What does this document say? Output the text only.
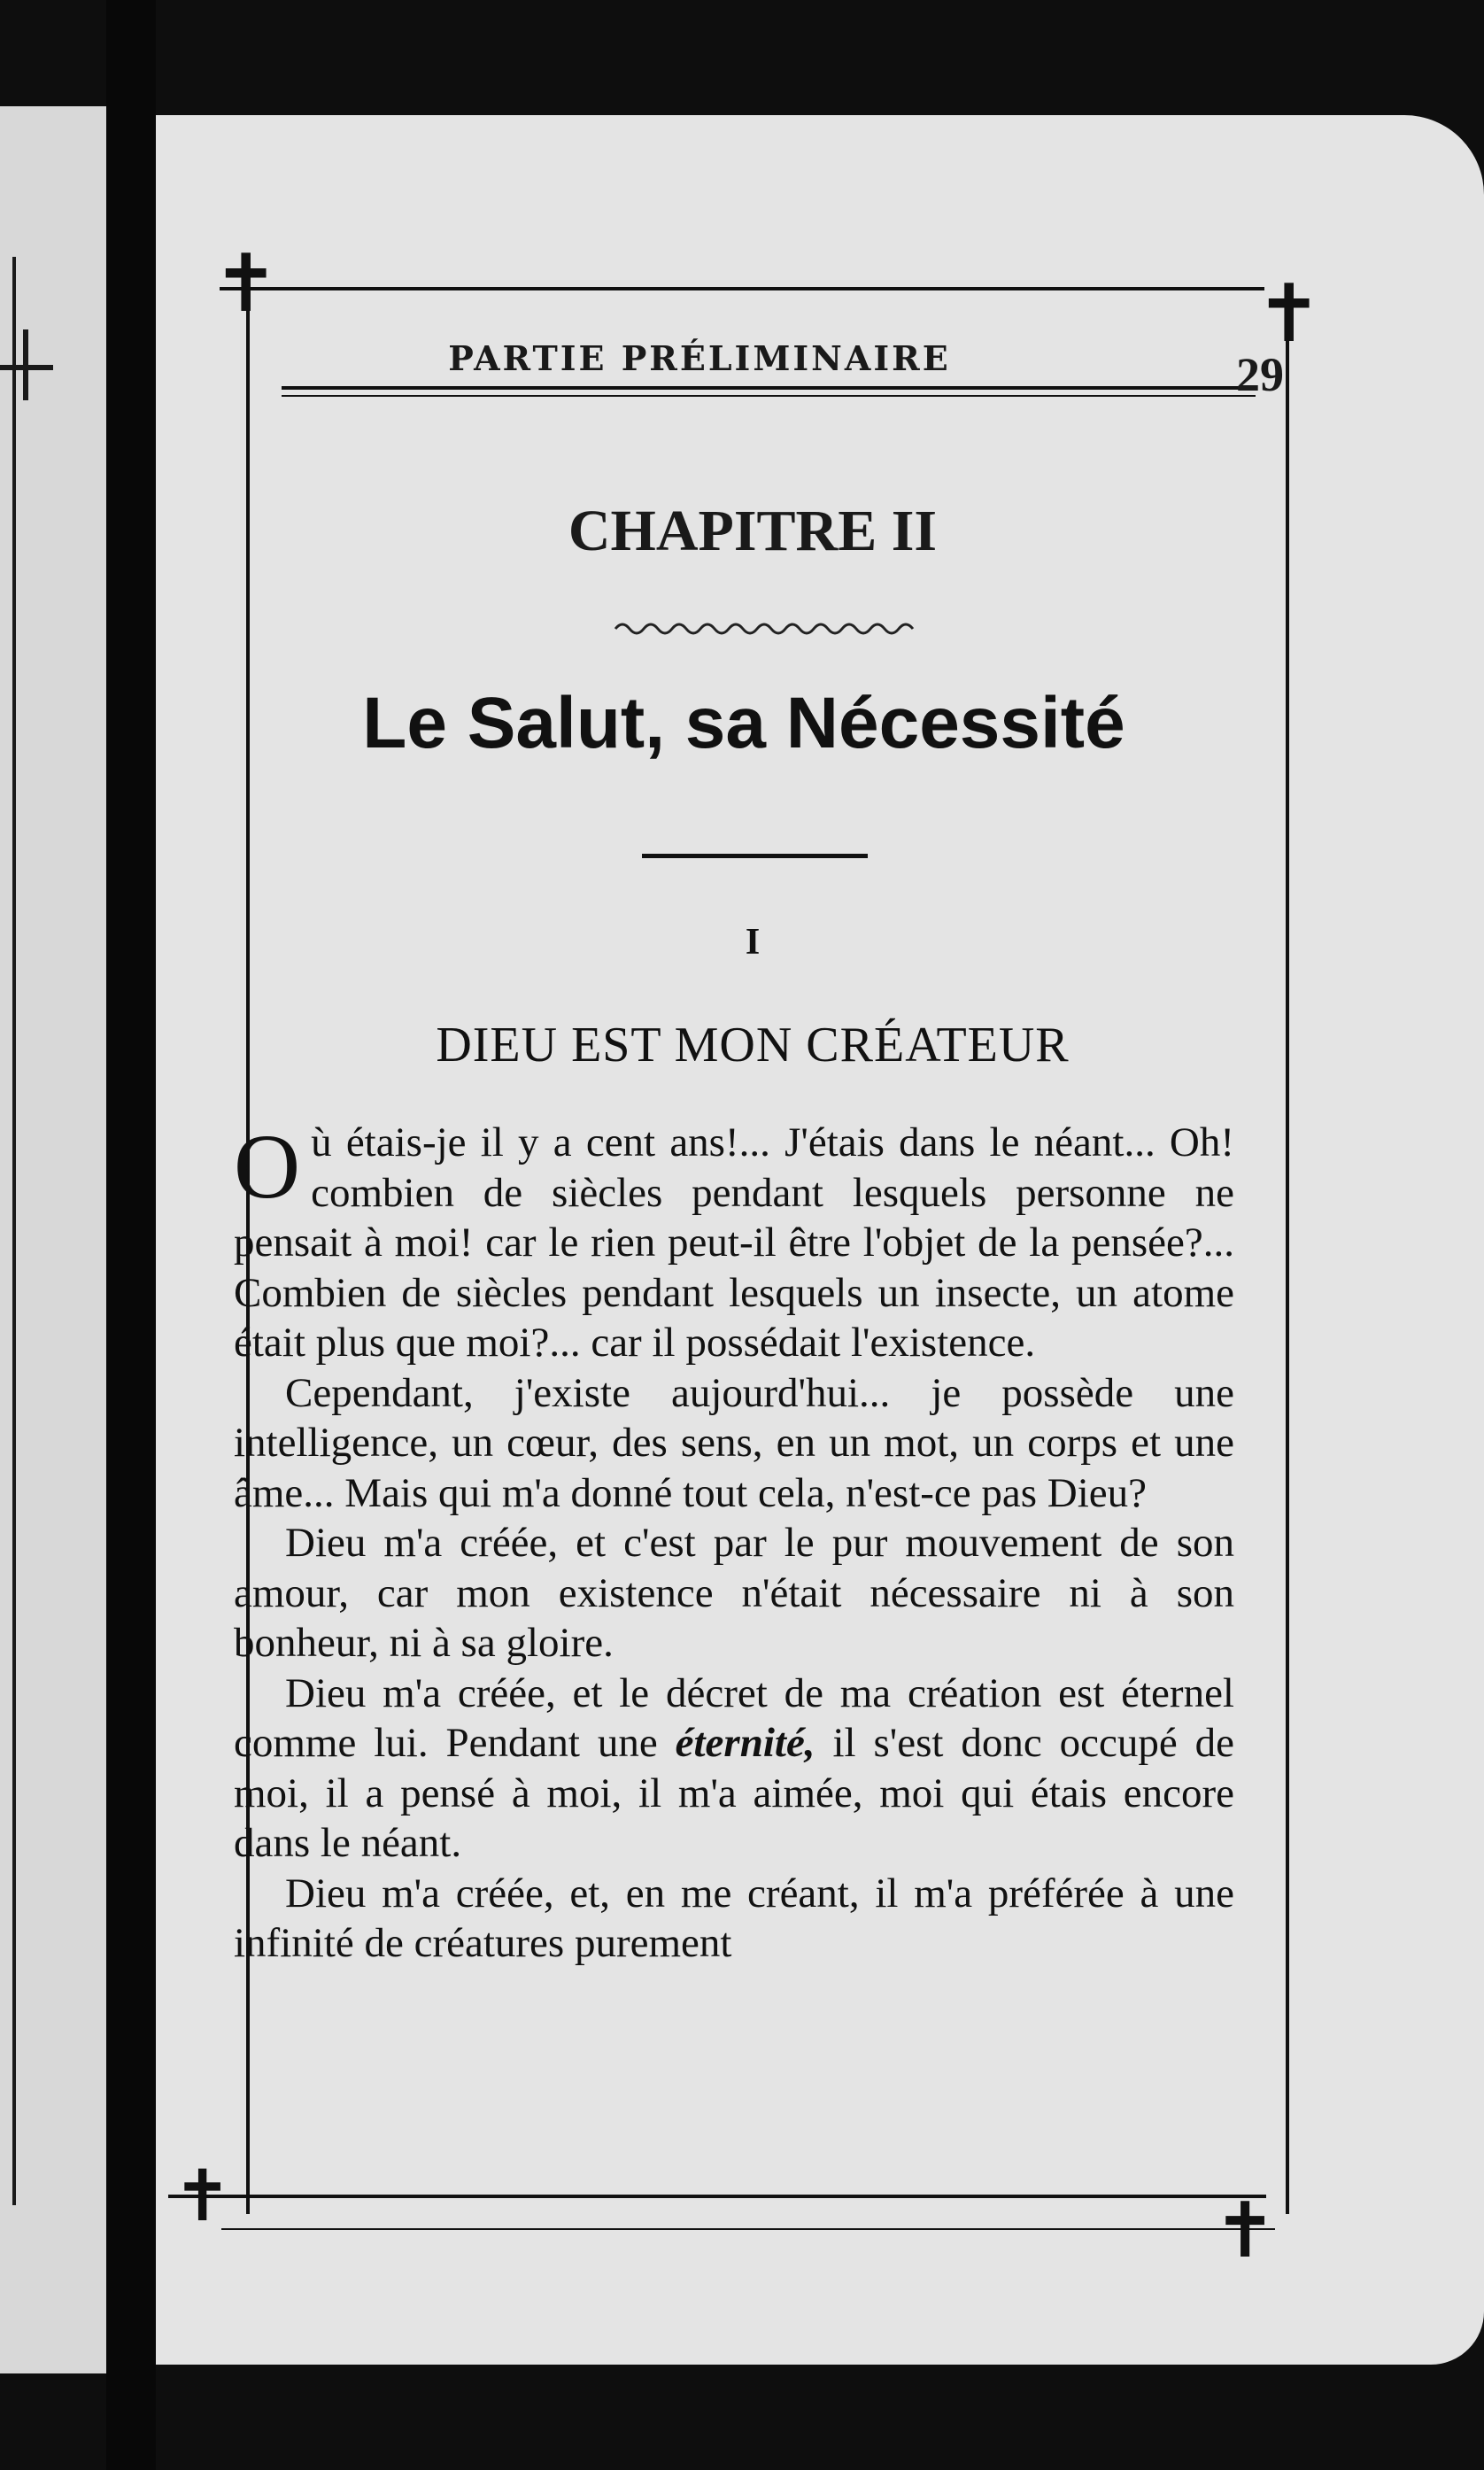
✝	✝
✝	✝
PARTIE PRÉLIMINAIRE	29
CHAPITRE II
Le Salut, sa Nécessité
I
DIEU EST MON CRÉATEUR

Où étais-je il y a cent ans!... J'étais dans le néant... Oh! combien de siècles pendant lesquels personne ne pensait à moi! car le rien peut-il être l'objet de la pensée?... Combien de siècles pendant lesquels un insecte, un atome était plus que moi?... car il possédait l'existence.

Cependant, j'existe aujourd'hui... je possède une intelligence, un cœur, des sens, en un mot, un corps et une âme... Mais qui m'a donné tout cela, n'est-ce pas Dieu?

Dieu m'a créée, et c'est par le pur mouvement de son amour, car mon existence n'était nécessaire ni à son bonheur, ni à sa gloire.

Dieu m'a créée, et le décret de ma création est éternel comme lui. Pendant une éternité, il s'est donc occupé de moi, il a pensé à moi, il m'a aimée, moi qui étais encore dans le néant.

Dieu m'a créée, et, en me créant, il m'a préférée à une infinité de créatures purement
